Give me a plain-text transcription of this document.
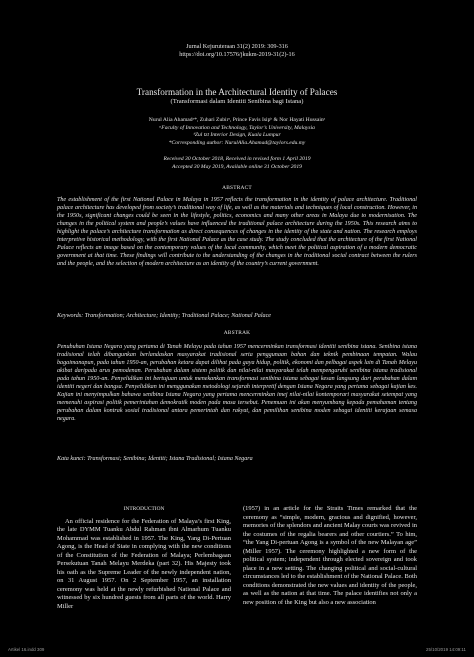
Jurnal Kejuruteraan 31(2) 2019: 309-316
https://doi.org/10.17576/jkukm-2019-31(2)-16
Transformation in the Architectural Identity of Palaces
(Transformasi dalam Identiti Senibina bagi Istana)
Nurul Alia Ahamadᵃ*, Zuhari Zubirᵃ, Prince Favis Isipᵇ & Nor Hayati Hussainᵃ
ᵃFaculty of Innovation and Technology, Taylor’s University, Malaysia
ᵇZul tzt Interior Design, Kuala Lumpur
*Corresponding author: NurulAlia.Ahamad@taylors.edu.my
Received 30 October 2018, Received in revised form 1 April 2019
Accepted 30 May 2019, Available online 31 October 2019
ABSTRACT
The establishment of the first National Palace in Malaya in 1957 reflects the transformation in the identity of palace architecture. Traditional palace architecture has developed from society’s traditional way of life, as well as the materials and techniques of local construction. However, in the 1950s, significant changes could be seen in the lifestyle, politics, economics and many other areas in Malaya due to modernisation. The changes in the political system and people’s values have influenced the traditional palace architecture during the 1950s. This research aims to highlight the palace’s architecture transformation as direct consequences of changes in the identity of the state and nation. The research employs interpretive historical methodology, with the first National Palace as the case study. The study concluded that the architecture of the first National Palace reflects an image based on the contemporary values of the local community, which meet the political aspiration of a modern democratic government at that time. These findings will contribute to the understanding of the changes in the traditional social contract between the rulers and the people, and the selection of modern architecture as an identity of the country’s current government.
Keywords: Transformation; Architecture; Identity; Traditional Palace; National Palace
ABSTRAK
Penubuhan Istana Negara yang pertama di Tanah Melayu pada tahun 1957 mencerminkan transformasi identiti senibina istana. Senibina istana tradisional telah dibangunkan berlandaskan masyarakat tradisional serta penggunaan bahan dan teknik pembinaan tempatan. Walau bagaimanapun, pada tahun 1950-an, perubahan ketara dapat dilihat pada gaya hidup, politik, ekonomi dan pelbagai aspek lain di Tanah Melayu akibat daripada arus pemodenan. Perubahan dalam sistem politik dan nilai-nilai masyarakat telah mempengaruhi senibina istana tradisional pada tahun 1950-an. Penyelidikan ini bertujuan untuk menekankan transformasi senibina istana sebagai kesan langsung dari perubahan dalam identiti negeri dan bangsa. Penyelidikan ini menggunakan metodologi sejarah interpretif dengan Istana Negara yang pertama sebagai kajian kes. Kajian ini menyimpulkan bahawa senibina Istana Negara yang pertama mencerminkan imej nilai-nilai kontemporari masyarakat setempat yang memenuhi aspirasi politik pemerintahan demokratik moden pada masa tersebut. Penemuan ini akan menyumbang kepada pemahaman tentang perubahan dalam kontrak sosial tradisional antara pemerintah dan rakyat, dan pemilihan senibina moden sebagai identiti kerajaan semasa negara.
Kata kunci: Transformasi; Senibina; Identiti; Istana Tradisional; Istana Negara
INTRODUCTION

An official residence for the Federation of Malaya’s first King, the late DYMM Tuanku Abdul Rahman ibni Almarhum Tuanku Mohammad was established in 1957. The King, Yang Di-Pertuan Agong, is the Head of State in complying with the new conditions of the Constitution of the Federation of Malaya; Perlembagaan Persekutuan Tanah Melayu Merdeka (part 32). His Majesty took his oath as the Supreme Leader of the newly independent nation, on 31 August 1957. On 2 September 1957, an installation ceremony was held at the newly refurbished National Palace and witnessed by six hundred guests from all parts of the world. Harry Miller

(1957) in an article for the Straits Times remarked that the ceremony as “simple, modern, gracious and dignified, however, memories of the splendors and ancient Malay courts was revived in the costumes of the regalia bearers and other courtiers.” To him, “the Yang Di-pertuan Agong is a symbol of the new Malayan age” (Miller 1957). The ceremony highlighted a new form of the political system; independent through elected sovereign and took place in a new setting. The changing political and social-cultural circumstances led to the establishment of the National Palace. Both conditions demonstrated the new values and identity of the people, as well as the nation at that time. The palace identifies not only a new position of the King but also a new association

Artikel 16.indd 309	25/10/2019 14:09:11
